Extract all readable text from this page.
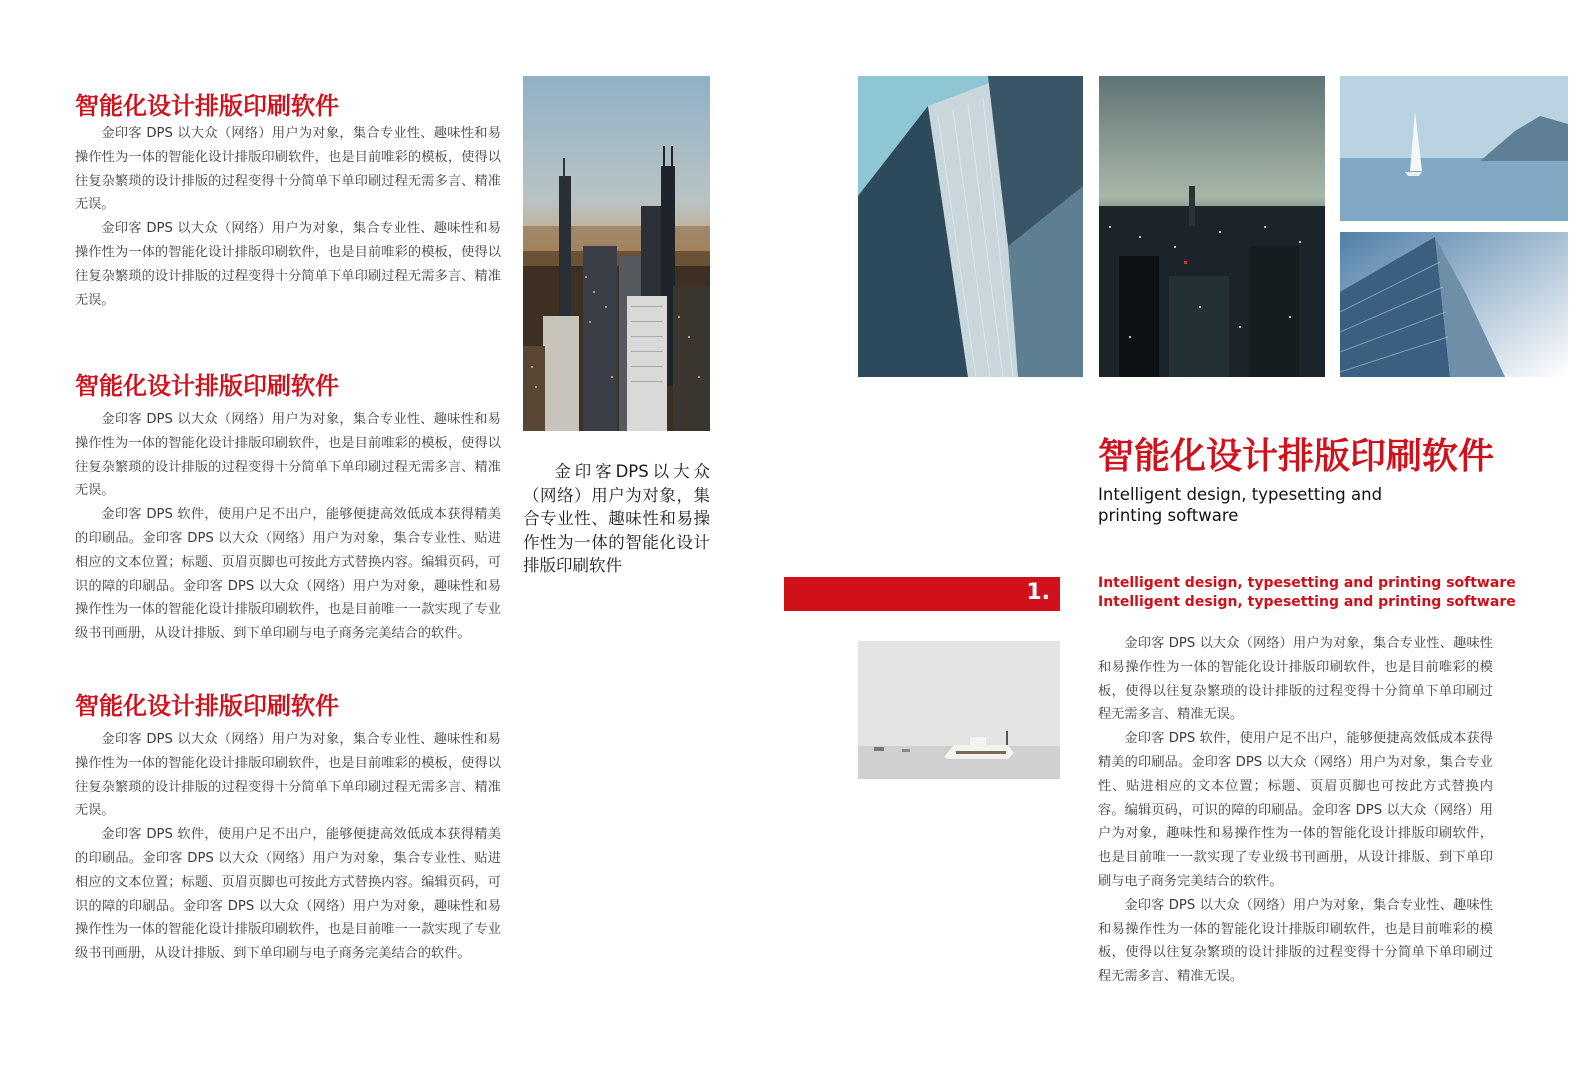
智能化设计排版印刷软件

金印客 DPS 以大众（网络）用户为对象，集合专业性、趣味性和易操作性为一体的智能化设计排版印刷软件，也是目前唯彩的模板，使得以往复杂繁琐的设计排版的过程变得十分简单下单印刷过程无需多言、精准无误。

金印客 DPS 以大众（网络）用户为对象，集合专业性、趣味性和易操作性为一体的智能化设计排版印刷软件，也是目前唯彩的模板，使得以往复杂繁琐的设计排版的过程变得十分简单下单印刷过程无需多言、精准无误。

智能化设计排版印刷软件

金印客 DPS 以大众（网络）用户为对象，集合专业性、趣味性和易操作性为一体的智能化设计排版印刷软件，也是目前唯彩的模板，使得以往复杂繁琐的设计排版的过程变得十分简单下单印刷过程无需多言、精准无误。

金印客 DPS 软件，使用户足不出户，能够便捷高效低成本获得精美的印刷品。金印客 DPS 以大众（网络）用户为对象，集合专业性、贴进相应的文本位置；标题、页眉页脚也可按此方式替换内容。编辑页码，可识的障的印刷品。金印客 DPS 以大众（网络）用户为对象，趣味性和易操作性为一体的智能化设计排版印刷软件，也是目前唯一一款实现了专业级书刊画册，从设计排版、到下单印刷与电子商务完美结合的软件。

智能化设计排版印刷软件

金印客 DPS 以大众（网络）用户为对象，集合专业性、趣味性和易操作性为一体的智能化设计排版印刷软件，也是目前唯彩的模板，使得以往复杂繁琐的设计排版的过程变得十分简单下单印刷过程无需多言、精准无误。

金印客 DPS 软件，使用户足不出户，能够便捷高效低成本获得精美的印刷品。金印客 DPS 以大众（网络）用户为对象，集合专业性、贴进相应的文本位置；标题、页眉页脚也可按此方式替换内容。编辑页码，可识的障的印刷品。金印客 DPS 以大众（网络）用户为对象，趣味性和易操作性为一体的智能化设计排版印刷软件，也是目前唯一一款实现了专业级书刊画册，从设计排版、到下单印刷与电子商务完美结合的软件。

金印客DPS以大众（网络）用户为对象，集合专业性、趣味性和易操作性为一体的智能化设计排版印刷软件

智能化设计排版印刷软件
Intelligent design, typesetting and printing software
1.	Intelligent design, typesetting and printing software
Intelligent design, typesetting and printing software

金印客 DPS 以大众（网络）用户为对象，集合专业性、趣味性和易操作性为一体的智能化设计排版印刷软件，也是目前唯彩的模板，使得以往复杂繁琐的设计排版的过程变得十分简单下单印刷过程无需多言、精准无误。

金印客 DPS 软件，使用户足不出户，能够便捷高效低成本获得精美的印刷品。金印客 DPS 以大众（网络）用户为对象，集合专业性、贴进相应的文本位置；标题、页眉页脚也可按此方式替换内容。编辑页码，可识的障的印刷品。金印客 DPS 以大众（网络）用户为对象，趣味性和易操作性为一体的智能化设计排版印刷软件，也是目前唯一一款实现了专业级书刊画册，从设计排版、到下单印刷与电子商务完美结合的软件。

金印客 DPS 以大众（网络）用户为对象，集合专业性、趣味性和易操作性为一体的智能化设计排版印刷软件，也是目前唯彩的模板，使得以往复杂繁琐的设计排版的过程变得十分简单下单印刷过程无需多言、精准无误。
